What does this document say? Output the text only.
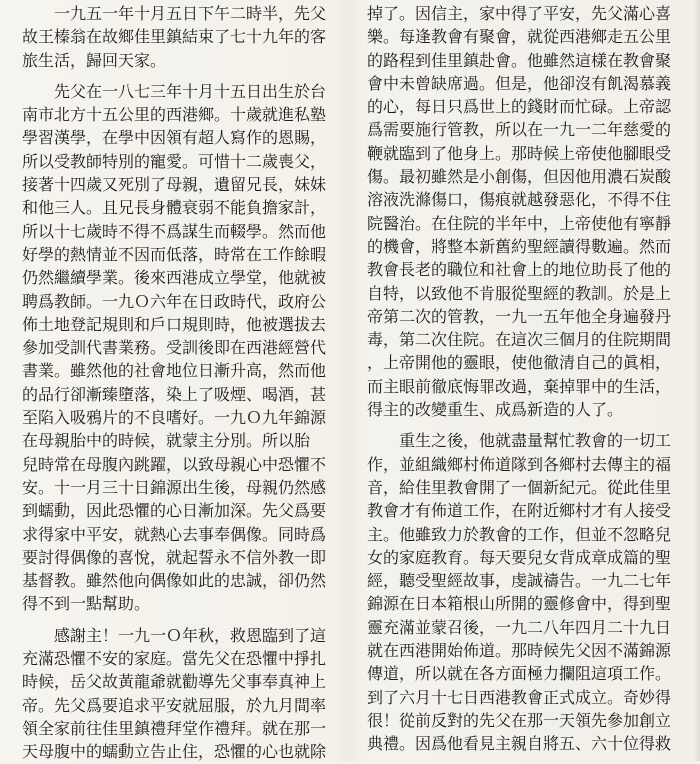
一九五一年十月五日下午二時半，先父
故王榛翁在故鄉佳里鎮結束了七十九年的客
旅生活，歸回天家。
先父在一八七三年十月十五日出生於台
南市北方十五公里的西港鄉。十歲就進私塾
學習漢學，在學中因領有超人寫作的恩賜，
所以受教師特別的寵愛。可惜十二歲喪父，
接著十四歲又死別了母親，遺留兄長，妹妹
和他三人。且兄長身體衰弱不能負擔家計，
所以十七歲時不得不爲謀生而輟學。然而他
好學的熱情並不因而低落，時常在工作餘暇
仍然繼續學業。後來西港成立學堂，他就被
聘爲教師。一九Ｏ六年在日政時代，政府公
佈土地登記規則和戶口規則時，他被選拔去
參加受訓代書業務。受訓後即在西港經營代
書業。雖然他的社會地位日漸升高，然而他
的品行卻漸臻墮落，染上了吸煙、喝酒，甚
至陷入吸鴉片的不良嗜好。一九Ｏ九年錦源
在母親胎中的時候，就蒙主分別。所以胎
兒時常在母腹內跳躍，以致母親心中恐懼不
安。十一月三十日錦源出生後，母親仍然感
到蠕動，因此恐懼的心日漸加深。先父爲要
求得家中平安，就熱心去事奉偶像。同時爲
要討得偶像的喜悅，就起誓永不信外教一即
基督教。雖然他向偶像如此的忠誠，卻仍然
得不到一點幫助。
感謝主！一九一Ｏ年秋，救恩臨到了這
充滿恐懼不安的家庭。當先父在恐懼中掙扎
時候，岳父故黃龍爺就勸導先父事奉真神上
帝。先父爲要追求平安就屈服，於九月間率
領全家前往佳里鎮禮拜堂作禮拜。就在那一
天母腹中的蠕動立告止住，恐懼的心也就除
掉了。因信主，家中得了平安，先父滿心喜
樂。每逢教會有聚會，就從西港鄉走五公里
的路程到佳里鎮赴會。他雖然這樣在教會聚
會中未曾缺席過。但是，他卻沒有飢渴慕義
的心，每日只爲世上的錢財而忙碌。上帝認
爲需要施行管教，所以在一九一二年慈愛的
鞭就臨到了他身上。那時候上帝使他腳眼受
傷。最初雖然是小創傷，但因他用濃石炭酸
溶液洗滌傷口，傷痕就越發惡化，不得不住
院醫治。在住院的半年中，上帝使他有寧靜
的機會，將整本新舊約聖經讀得數遍。然而
教會長老的職位和社會上的地位助長了他的
自特，以致他不肯服從聖經的教訓。於是上
帝第二次的管教，一九一五年他全身遍發丹
毒，第二次住院。在這次三個月的住院期間
，上帝開他的靈眼，使他徹清自己的眞相，
而主眼前徹底悔罪改過，棄掉罪中的生活，
得主的改變重生、成爲新造的人了。
重生之後，他就盡量幫忙教會的一切工
作，並組織鄉村佈道隊到各鄉村去傳主的福
音，給佳里教會開了一個新紀元。從此佳里
教會才有佈道工作，在附近鄉村才有人接受
主。他雖致力於教會的工作，但並不忽略兒
女的家庭教育。每天要兒女背成章成篇的聖
經，聽受聖經故事，虔誠禱告。一九二七年
錦源在日本箱根山所開的靈修會中，得到聖
靈充滿並蒙召後，一九二八年四月二十九日
就在西港開始佈道。那時候先父因不滿錦源
傳道，所以就在各方面極力攔阻這項工作。
到了六月十七日西港教會正式成立。奇妙得
很！從前反對的先父在那一天領先參加創立
典禮。因爲他看見主親自將五、六十位得救
